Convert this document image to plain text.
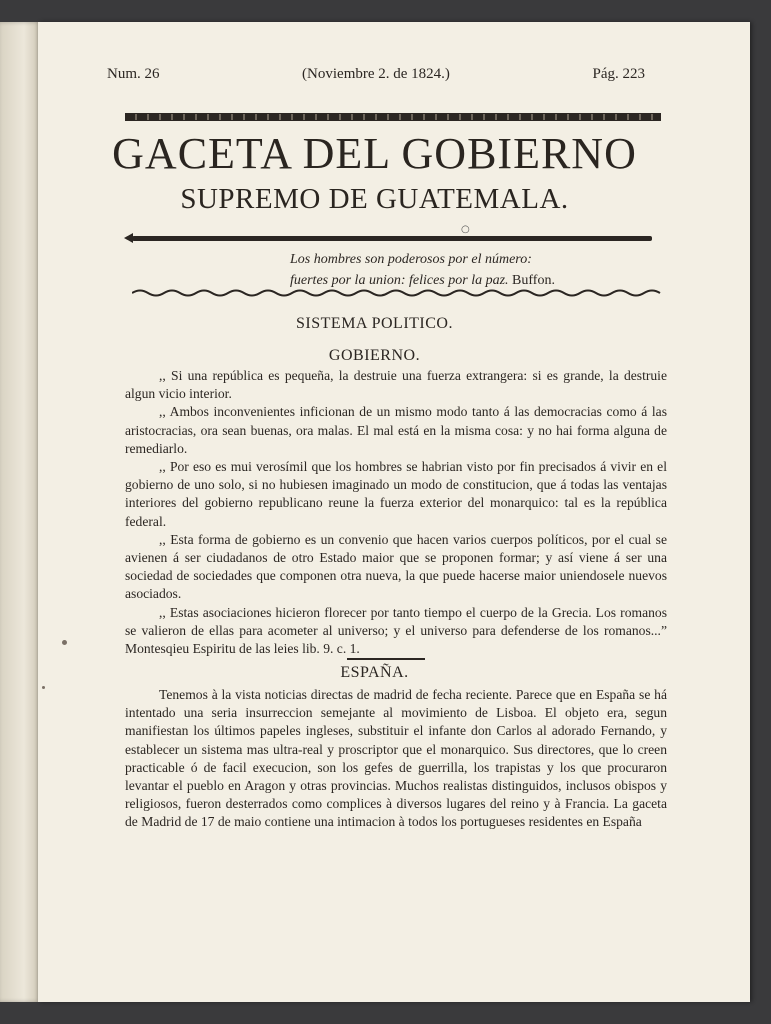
Num. 26	(Noviembre 2. de 1824.)	Pág. 223
GACETA DEL GOBIERNO
SUPREMO DE GUATEMALA.
○
Los hombres son poderosos por el número:
fuertes por la union: felices por la paz. Buffon.
SISTEMA POLITICO.
GOBIERNO.

,, Si una república es pequeña, la destruie una fuerza extrangera: si es grande, la destruie algun vicio interior.

,, Ambos inconvenientes inficionan de un mismo modo tanto á las democracias como á las aristocracias, ora sean buenas, ora malas. El mal está en la misma cosa: y no hai forma alguna de remediarlo.

,, Por eso es mui verosímil que los hombres se habrian visto por fin precisados á vivir en el gobierno de uno solo, si no hubiesen imaginado un modo de constitucion, que á todas las ventajas interiores del gobierno republicano reune la fuerza exterior del monarquico: tal es la república federal.

,, Esta forma de gobierno es un convenio que hacen varios cuerpos políticos, por el cual se avienen á ser ciudadanos de otro Estado maior que se proponen formar; y así viene á ser una sociedad de sociedades que componen otra nueva, la que puede hacerse maior uniendosele nuevos asociados.

,, Estas asociaciones hicieron florecer por tanto tiempo el cuerpo de la Grecia. Los romanos se valieron de ellas para acometer al universo; y el universo para defenderse de los romanos...” Montesqieu Espiritu de las leies lib. 9. c. 1.

ESPAÑA.

Tenemos à la vista noticias directas de madrid de fecha reciente. Parece que en España se há intentado una seria insurreccion semejante al movimiento de Lisboa. El objeto era, segun manifiestan los últimos papeles ingleses, substituir el infante don Carlos al adorado Fernando, y establecer un sistema mas ultra-real y proscriptor que el monarquico. Sus directores, que lo creen practicable ó de facil execucion, son los gefes de guerrilla, los trapistas y los que procuraron levantar el pueblo en Aragon y otras provincias. Muchos realistas distinguidos, inclusos obispos y religiosos, fueron desterrados como complices à diversos lugares del reino y à Francia. La gaceta de Madrid de 17 de maio contiene una intimacion à todos los portugueses residentes en España
